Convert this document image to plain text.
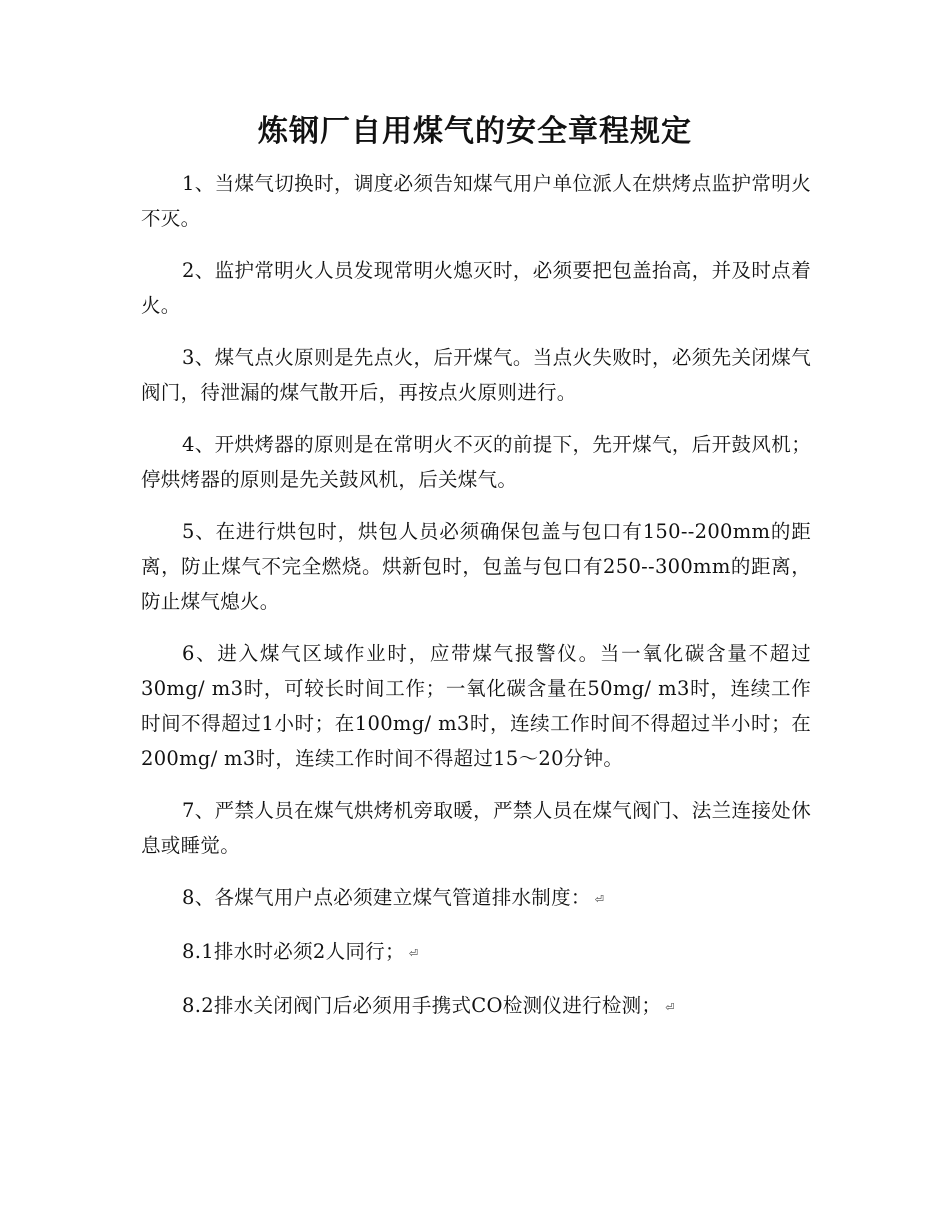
炼钢厂自用煤气的安全章程规定

1、当煤气切换时，调度必须告知煤气用户单位派人在烘烤点监护常明火不灭。

2、监护常明火人员发现常明火熄灭时，必须要把包盖抬高，并及时点着火。

3、煤气点火原则是先点火，后开煤气。当点火失败时，必须先关闭煤气阀门，待泄漏的煤气散开后，再按点火原则进行。

4、开烘烤器的原则是在常明火不灭的前提下，先开煤气，后开鼓风机；停烘烤器的原则是先关鼓风机，后关煤气。

5、在进行烘包时，烘包人员必须确保包盖与包口有150--200mm的距离，防止煤气不完全燃烧。烘新包时，包盖与包口有250--300mm的距离，防止煤气熄火。

6、进入煤气区域作业时，应带煤气报警仪。当一氧化碳含量不超过30mg/ m3时，可较长时间工作；一氧化碳含量在50mg/ m3时，连续工作时间不得超过1小时；在100mg/ m3时，连续工作时间不得超过半小时；在200mg/ m3时，连续工作时间不得超过15～20分钟。

7、严禁人员在煤气烘烤机旁取暖，严禁人员在煤气阀门、法兰连接处休息或睡觉。

8、各煤气用户点必须建立煤气管道排水制度： ⏎

8.1排水时必须2人同行； ⏎

8.2排水关闭阀门后必须用手携式CO检测仪进行检测； ⏎
